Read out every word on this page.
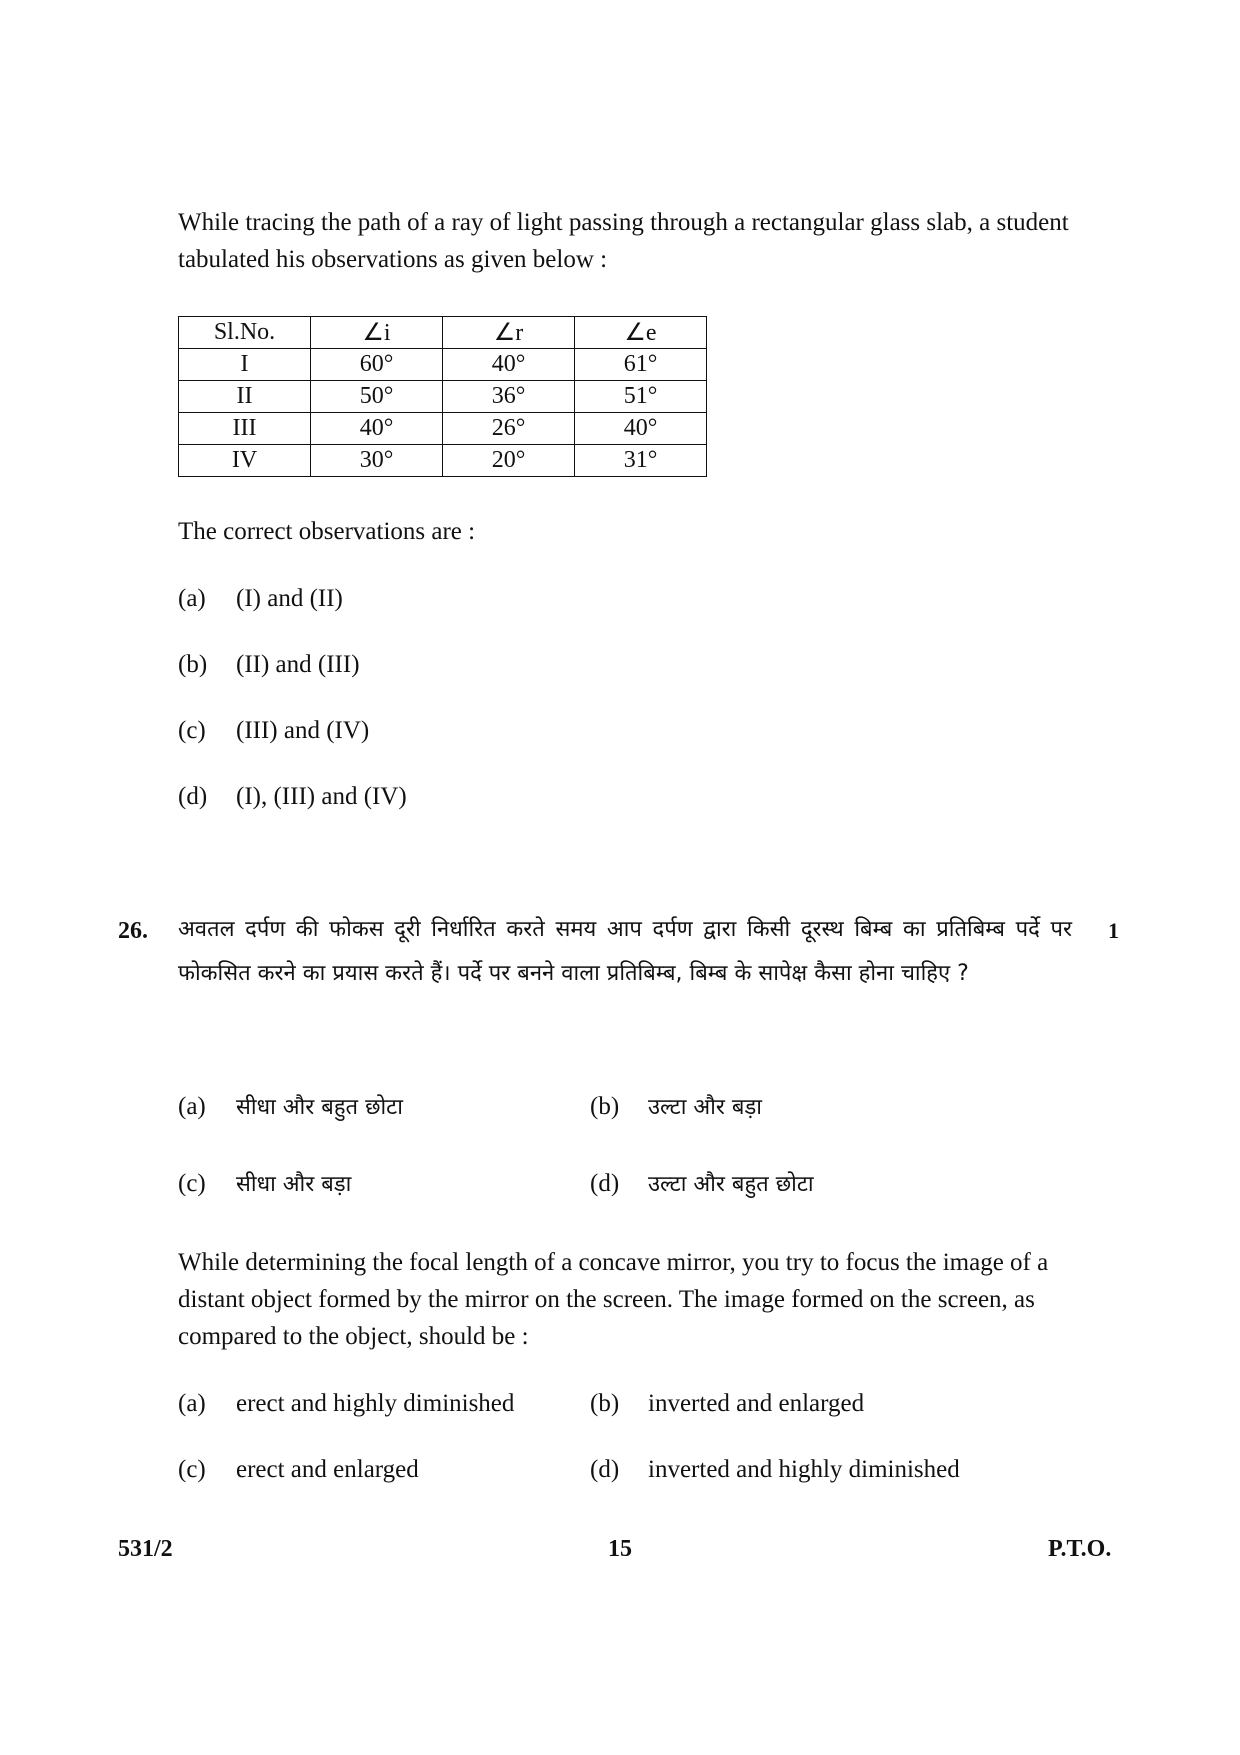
While tracing the path of a ray of light passing through a rectangular glass slab, a student tabulated his observations as given below :
Sl.No.	∠i	∠r	∠e
I	60°	40°	61°
II	50°	36°	51°
III	40°	26°	40°
IV	30°	20°	31°
The correct observations are :
(a) (I) and (II)
(b) (II) and (III)
(c) (III) and (IV)
(d) (I), (III) and (IV)
26.	1
अवतल दर्पण की फोकस दूरी निर्धारित करते समय आप दर्पण द्वारा किसी दूरस्थ बिम्ब का प्रतिबिम्ब पर्दे पर फोकसित करने का प्रयास करते हैं। पर्दे पर बनने वाला प्रतिबिम्ब, बिम्ब के सापेक्ष कैसा होना चाहिए ?
(a) सीधा और बहुत छोटा	(b) उल्टा और बड़ा
(c) सीधा और बड़ा	(d) उल्टा और बहुत छोटा
While determining the focal length of a concave mirror, you try to focus the image of a distant object formed by the mirror on the screen. The image formed on the screen, as compared to the object, should be :
(a) erect and highly diminished	(b) inverted and enlarged
(c) erect and enlarged	(d) inverted and highly diminished
531/2	15	P.T.O.
